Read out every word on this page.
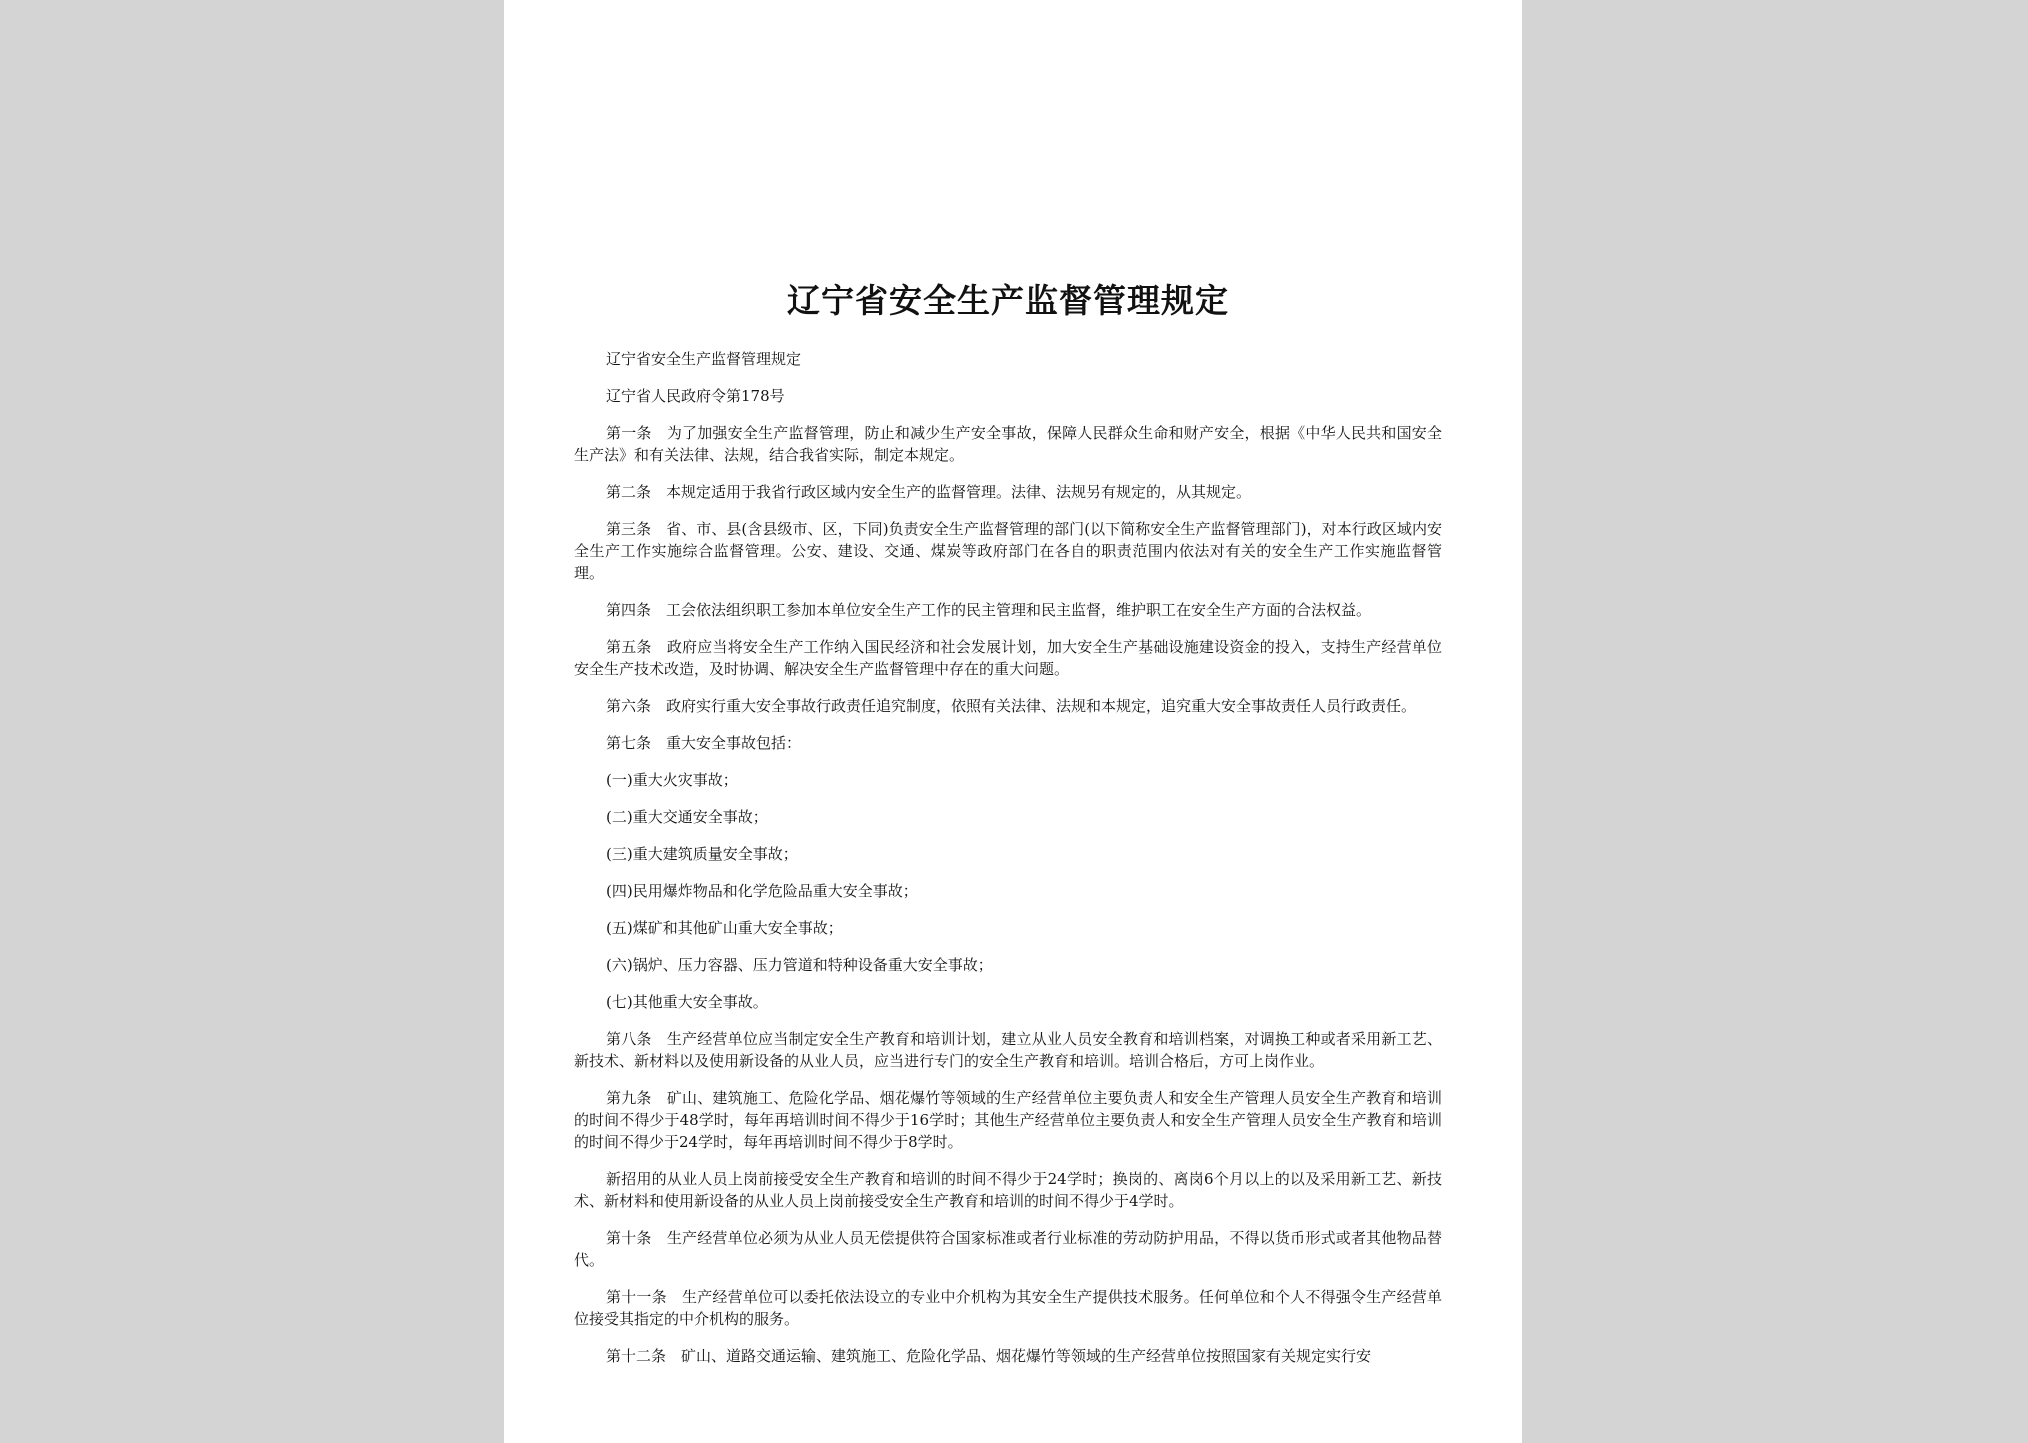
辽宁省安全生产监督管理规定

辽宁省安全生产监督管理规定

辽宁省人民政府令第178号

第一条　为了加强安全生产监督管理，防止和减少生产安全事故，保障人民群众生命和财产安全，根据《中华人民共和国安全生产法》和有关法律、法规，结合我省实际，制定本规定。

第二条　本规定适用于我省行政区域内安全生产的监督管理。法律、法规另有规定的，从其规定。

第三条　省、市、县(含县级市、区，下同)负责安全生产监督管理的部门(以下简称安全生产监督管理部门)，对本行政区域内安全生产工作实施综合监督管理。公安、建设、交通、煤炭等政府部门在各自的职责范围内依法对有关的安全生产工作实施监督管理。

第四条　工会依法组织职工参加本单位安全生产工作的民主管理和民主监督，维护职工在安全生产方面的合法权益。

第五条　政府应当将安全生产工作纳入国民经济和社会发展计划，加大安全生产基础设施建设资金的投入，支持生产经营单位安全生产技术改造，及时协调、解决安全生产监督管理中存在的重大问题。

第六条　政府实行重大安全事故行政责任追究制度，依照有关法律、法规和本规定，追究重大安全事故责任人员行政责任。

第七条　重大安全事故包括：

(一)重大火灾事故；

(二)重大交通安全事故；

(三)重大建筑质量安全事故；

(四)民用爆炸物品和化学危险品重大安全事故；

(五)煤矿和其他矿山重大安全事故；

(六)锅炉、压力容器、压力管道和特种设备重大安全事故；

(七)其他重大安全事故。

第八条　生产经营单位应当制定安全生产教育和培训计划，建立从业人员安全教育和培训档案，对调换工种或者采用新工艺、新技术、新材料以及使用新设备的从业人员，应当进行专门的安全生产教育和培训。培训合格后，方可上岗作业。

第九条　矿山、建筑施工、危险化学品、烟花爆竹等领域的生产经营单位主要负责人和安全生产管理人员安全生产教育和培训的时间不得少于48学时，每年再培训时间不得少于16学时；其他生产经营单位主要负责人和安全生产管理人员安全生产教育和培训的时间不得少于24学时，每年再培训时间不得少于8学时。

新招用的从业人员上岗前接受安全生产教育和培训的时间不得少于24学时；换岗的、离岗6个月以上的以及采用新工艺、新技术、新材料和使用新设备的从业人员上岗前接受安全生产教育和培训的时间不得少于4学时。

第十条　生产经营单位必须为从业人员无偿提供符合国家标准或者行业标准的劳动防护用品，不得以货币形式或者其他物品替代。

第十一条　生产经营单位可以委托依法设立的专业中介机构为其安全生产提供技术服务。任何单位和个人不得强令生产经营单位接受其指定的中介机构的服务。

第十二条　矿山、道路交通运输、建筑施工、危险化学品、烟花爆竹等领域的生产经营单位按照国家有关规定实行安
